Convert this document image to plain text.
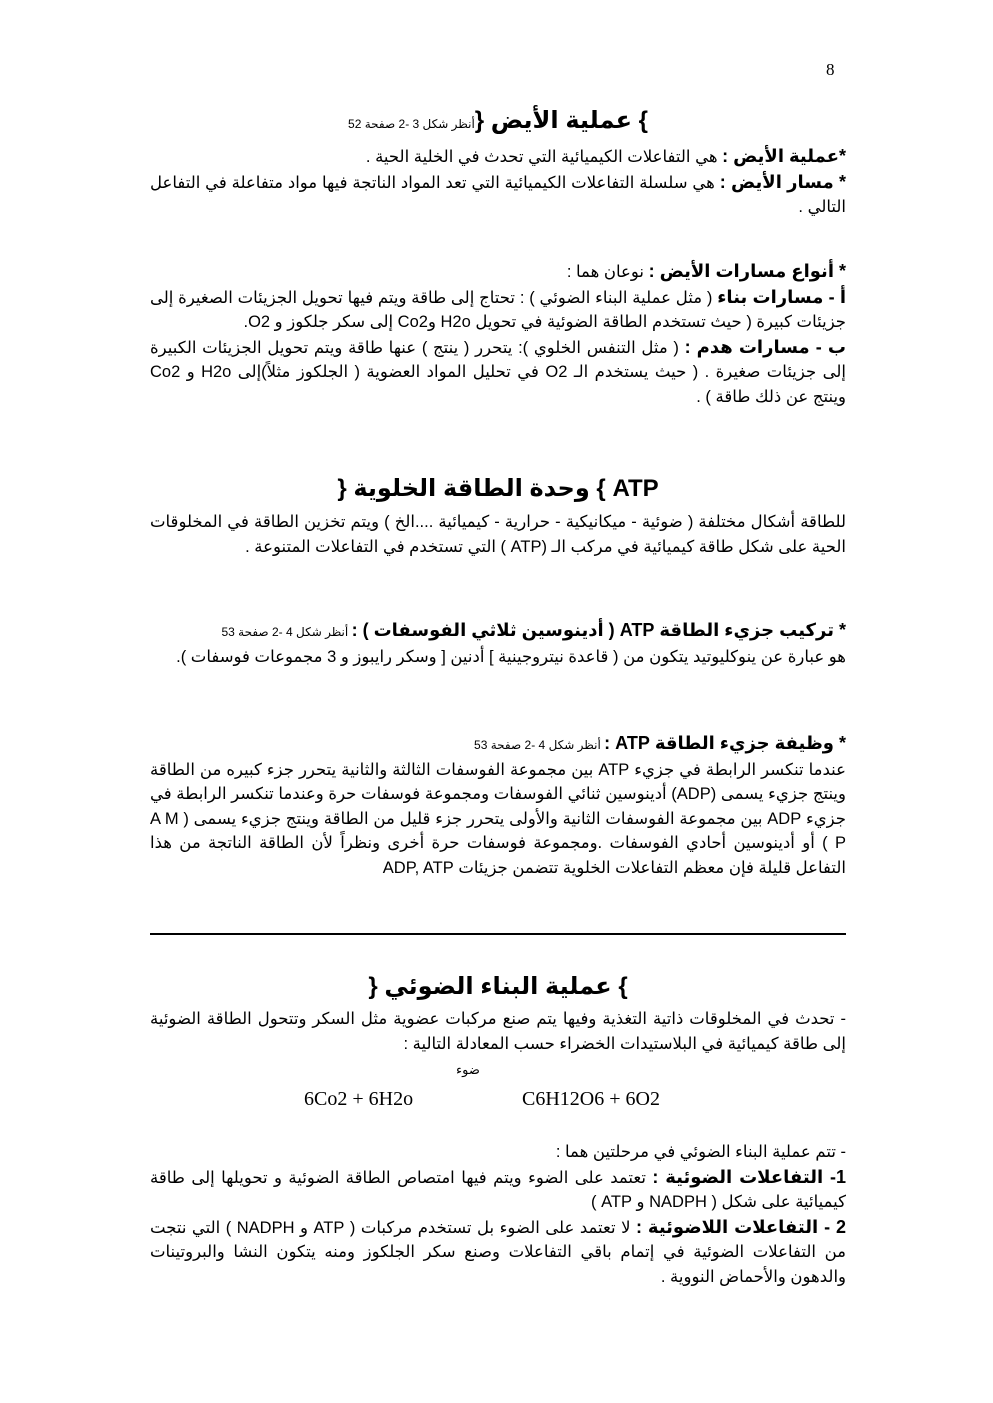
8
} عملية الأيض {أنظر شكل 3 -2 صفحة 52

*عملية الأيض : هي التفاعلات الكيميائية التي تحدث في الخلية الحية .

* مسار الأيض : هي سلسلة التفاعلات الكيميائية التي تعد المواد الناتجة فيها مواد متفاعلة في التفاعل التالي .

* أنواع مسارات الأيض : نوعان هما :

أ - مسارات بناء ( مثل عملية البناء الضوئي ) : تحتاج إلى طاقة ويتم فيها تحويل الجزيئات الصغيرة إلى جزيئات كبيرة ( حيث تستخدم الطاقة الضوئية في تحويل H2o وCo2 إلى سكر جلكوز و O2.

ب - مسارات هدم : ( مثل التنفس الخلوي ): يتحرر ( ينتج ) عنها طاقة ويتم تحويل الجزيئات الكبيرة إلى جزيئات صغيرة . ( حيث يستخدم الـ O2 في تحليل المواد العضوية ( الجلكوز مثلاً)إلى H2o و Co2 وينتج عن ذلك طاقة ) .

ATP } وحدة الطاقة الخلوية {
للطاقة أشكال مختلفة ( ضوئية - ميكانيكية - حرارية - كيميائية ....الخ ) ويتم تخزين الطاقة في المخلوقات الحية على شكل طاقة كيميائية في مركب الـ (ATP ) التي تستخدم في التفاعلات المتنوعة .

* تركيب جزيء الطاقة ATP ( أدينوسين ثلاثي الفوسفات ) : أنظر شكل 4 -2 صفحة 53

هو عبارة عن ينوكليوتيد يتكون من ( قاعدة نيتروجينية ] أدنين [ وسكر رايبوز و 3 مجموعات فوسفات ).

* وظيفة جزيء الطاقة ATP : أنظر شكل 4 -2 صفحة 53

عندما تنكسر الرابطة في جزيء ATP بين مجموعة الفوسفات الثالثة والثانية يتحرر جزء كبيره من الطاقة وينتج جزيء يسمى (ADP) أدينوسين ثنائي الفوسفات ومجموعة فوسفات حرة وعندما تنكسر الرابطة في جزيء ADP بين مجموعة الفوسفات الثانية والأولى يتحرر جزء قليل من الطاقة وينتج جزيء يسمى ( A M P ) أو أدينوسين أحادي الفوسفات .ومجموعة فوسفات حرة أخرى ونظراً لأن الطاقة الناتجة من هذا التفاعل قليلة فإن معظم التفاعلات الخلوية تتضمن جزيئات ADP, ATP

} عملية البناء الضوئي {
- تحدث في المخلوقات ذاتية التغذية وفيها يتم صنع مركبات عضوية مثل السكر وتتحول الطاقة الضوئية إلى طاقة كيميائية في البلاستيدات الخضراء حسب المعادلة التالية :
ضوء
6Co2 + 6H2o	C6H12O6 + 6O2

- تتم عملية البناء الضوئي في مرحلتين هما :

1- التفاعلات الضوئية : تعتمد على الضوء ويتم فيها امتصاص الطاقة الضوئية و تحويلها إلى طاقة كيميائية على شكل ( NADPH و ATP )

2 - التفاعلات اللاضوئية : لا تعتمد على الضوء بل تستخدم مركبات ( ATP و NADPH ) التي نتجت من التفاعلات الضوئية في إتمام باقي التفاعلات وصنع سكر الجلكوز ومنه يتكون النشا والبروتينات والدهون والأحماض النووية .
